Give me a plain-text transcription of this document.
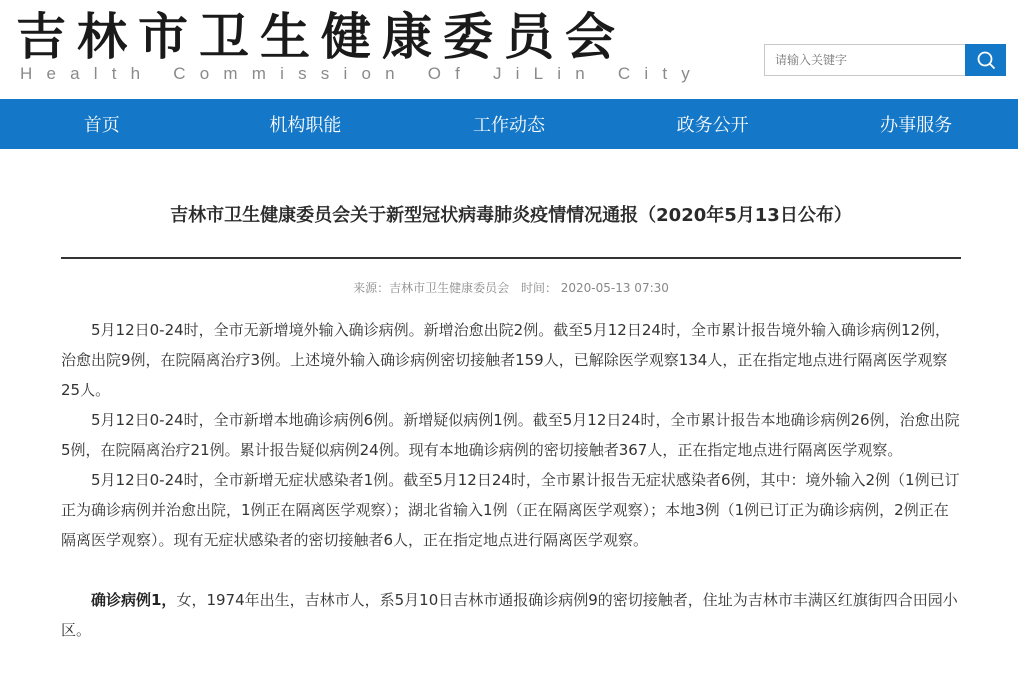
吉林市卫生健康委员会
Health Commission Of JiLin City
请输入关键字
首页	机构职能	工作动态	政务公开	办事服务
吉林市卫生健康委员会关于新型冠状病毒肺炎疫情情况通报（2020年5月13日公布）
来源：吉林市卫生健康委员会 时间： 2020-05-13 07:30

5月12日0-24时，全市无新增境外输入确诊病例。新增治愈出院2例。截至5月12日24时，全市累计报告境外输入确诊病例12例，治愈出院9例，在院隔离治疗3例。上述境外输入确诊病例密切接触者159人，已解除医学观察134人，正在指定地点进行隔离医学观察25人。

5月12日0-24时，全市新增本地确诊病例6例。新增疑似病例1例。截至5月12日24时，全市累计报告本地确诊病例26例，治愈出院5例，在院隔离治疗21例。累计报告疑似病例24例。现有本地确诊病例的密切接触者367人，正在指定地点进行隔离医学观察。

5月12日0-24时，全市新增无症状感染者1例。截至5月12日24时，全市累计报告无症状感染者6例，其中：境外输入2例（1例已订正为确诊病例并治愈出院，1例正在隔离医学观察）；湖北省输入1例（正在隔离医学观察）；本地3例（1例已订正为确诊病例，2例正在隔离医学观察）。现有无症状感染者的密切接触者6人，正在指定地点进行隔离医学观察。

确诊病例1，女，1974年出生，吉林市人，系5月10日吉林市通报确诊病例9的密切接触者，住址为吉林市丰满区红旗街四合田园小区。
